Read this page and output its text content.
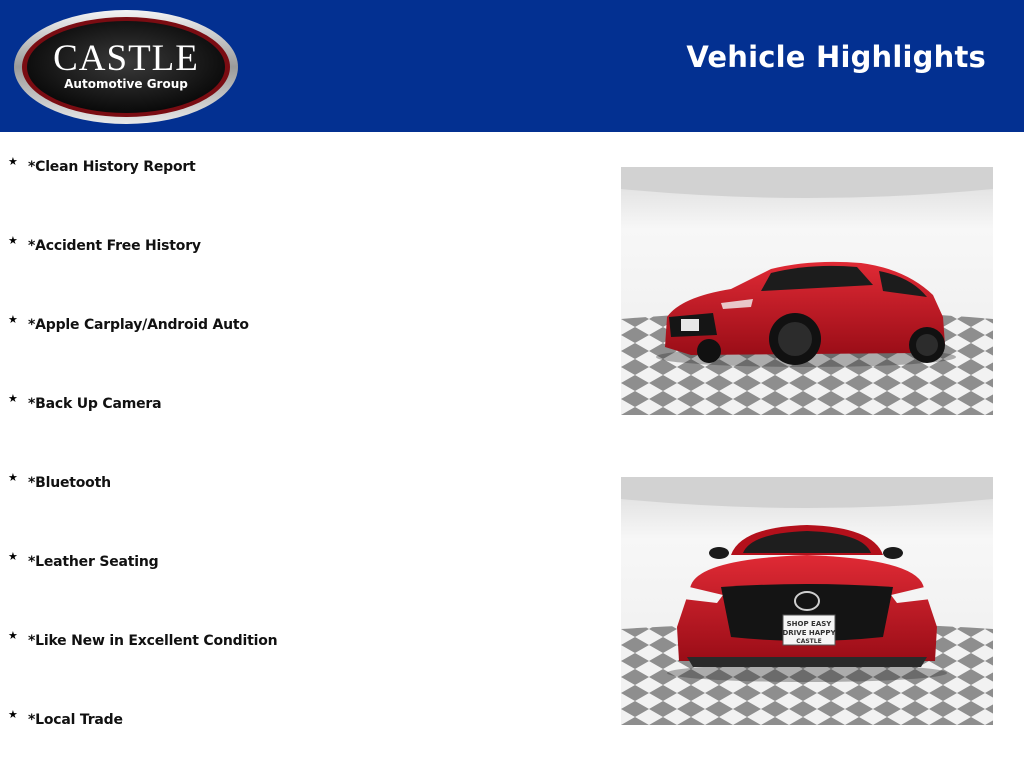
CASTLE
Automotive Group
Vehicle Highlights
★ *Clean History Report
★ *Accident Free History
★ *Apple Carplay/Android Auto
★ *Back Up Camera
★ *Bluetooth
★ *Leather Seating
★ *Like New in Excellent Condition
★ *Local Trade
SHOP EASY
DRIVE HAPPY
CASTLE
